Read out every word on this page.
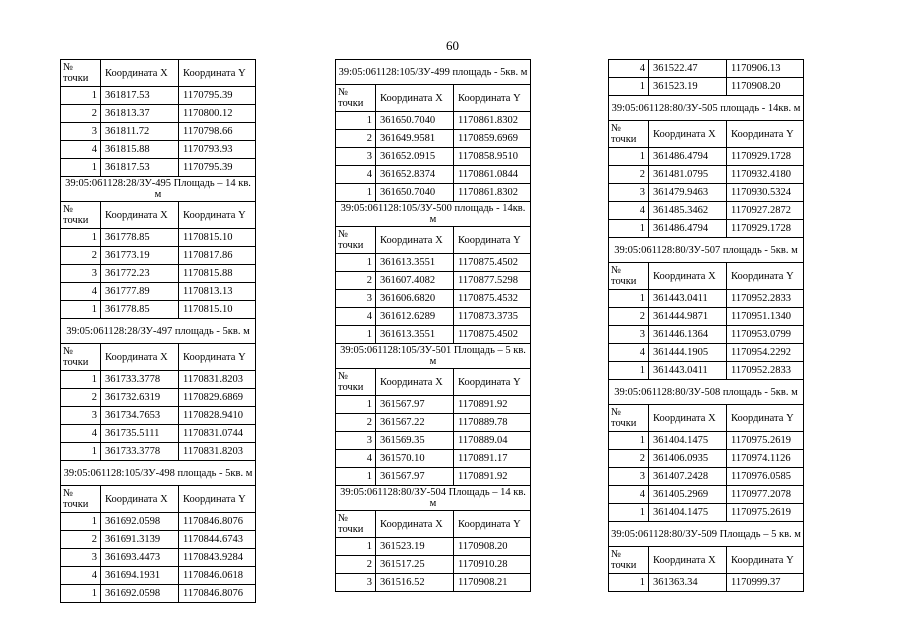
60
№ точки	Координата X	Координата Y
1	361817.53	1170795.39
2	361813.37	1170800.12
3	361811.72	1170798.66
4	361815.88	1170793.93
1	361817.53	1170795.39
39:05:061128:28/ЗУ-495 Площадь – 14 кв. м		
№ точки	Координата X	Координата Y
1	361778.85	1170815.10
2	361773.19	1170817.86
3	361772.23	1170815.88
4	361777.89	1170813.13
1	361778.85	1170815.10
39:05:061128:28/ЗУ-497 площадь - 5кв. м		
№ точки	Координата X	Координата Y
1	361733.3778	1170831.8203
2	361732.6319	1170829.6869
3	361734.7653	1170828.9410
4	361735.5111	1170831.0744
1	361733.3778	1170831.8203
39:05:061128:105/ЗУ-498 площадь - 5кв. м		
№ точки	Координата X	Координата Y
1	361692.0598	1170846.8076
2	361691.3139	1170844.6743
3	361693.4473	1170843.9284
4	361694.1931	1170846.0618
1	361692.0598	1170846.8076
39:05:061128:105/ЗУ-499 площадь - 5кв. м		
№ точки	Координата X	Координата Y
1	361650.7040	1170861.8302
2	361649.9581	1170859.6969
3	361652.0915	1170858.9510
4	361652.8374	1170861.0844
1	361650.7040	1170861.8302
39:05:061128:105/ЗУ-500 площадь - 14кв. м		
№ точки	Координата X	Координата Y
1	361613.3551	1170875.4502
2	361607.4082	1170877.5298
3	361606.6820	1170875.4532
4	361612.6289	1170873.3735
1	361613.3551	1170875.4502
39:05:061128:105/ЗУ-501 Площадь – 5 кв. м		
№ точки	Координата X	Координата Y
1	361567.97	1170891.92
2	361567.22	1170889.78
3	361569.35	1170889.04
4	361570.10	1170891.17
1	361567.97	1170891.92
39:05:061128:80/ЗУ-504 Площадь – 14 кв. м		
№ точки	Координата X	Координата Y
1	361523.19	1170908.20
2	361517.25	1170910.28
3	361516.52	1170908.21
4	361522.47	1170906.13
1	361523.19	1170908.20
39:05:061128:80/ЗУ-505 площадь - 14кв. м		
№ точки	Координата X	Координата Y
1	361486.4794	1170929.1728
2	361481.0795	1170932.4180
3	361479.9463	1170930.5324
4	361485.3462	1170927.2872
1	361486.4794	1170929.1728
39:05:061128:80/ЗУ-507 площадь - 5кв. м		
№ точки	Координата X	Координата Y
1	361443.0411	1170952.2833
2	361444.9871	1170951.1340
3	361446.1364	1170953.0799
4	361444.1905	1170954.2292
1	361443.0411	1170952.2833
39:05:061128:80/ЗУ-508 площадь - 5кв. м		
№ точки	Координата X	Координата Y
1	361404.1475	1170975.2619
2	361406.0935	1170974.1126
3	361407.2428	1170976.0585
4	361405.2969	1170977.2078
1	361404.1475	1170975.2619
39:05:061128:80/ЗУ-509 Площадь – 5 кв. м		
№ точки	Координата X	Координата Y
1	361363.34	1170999.37
